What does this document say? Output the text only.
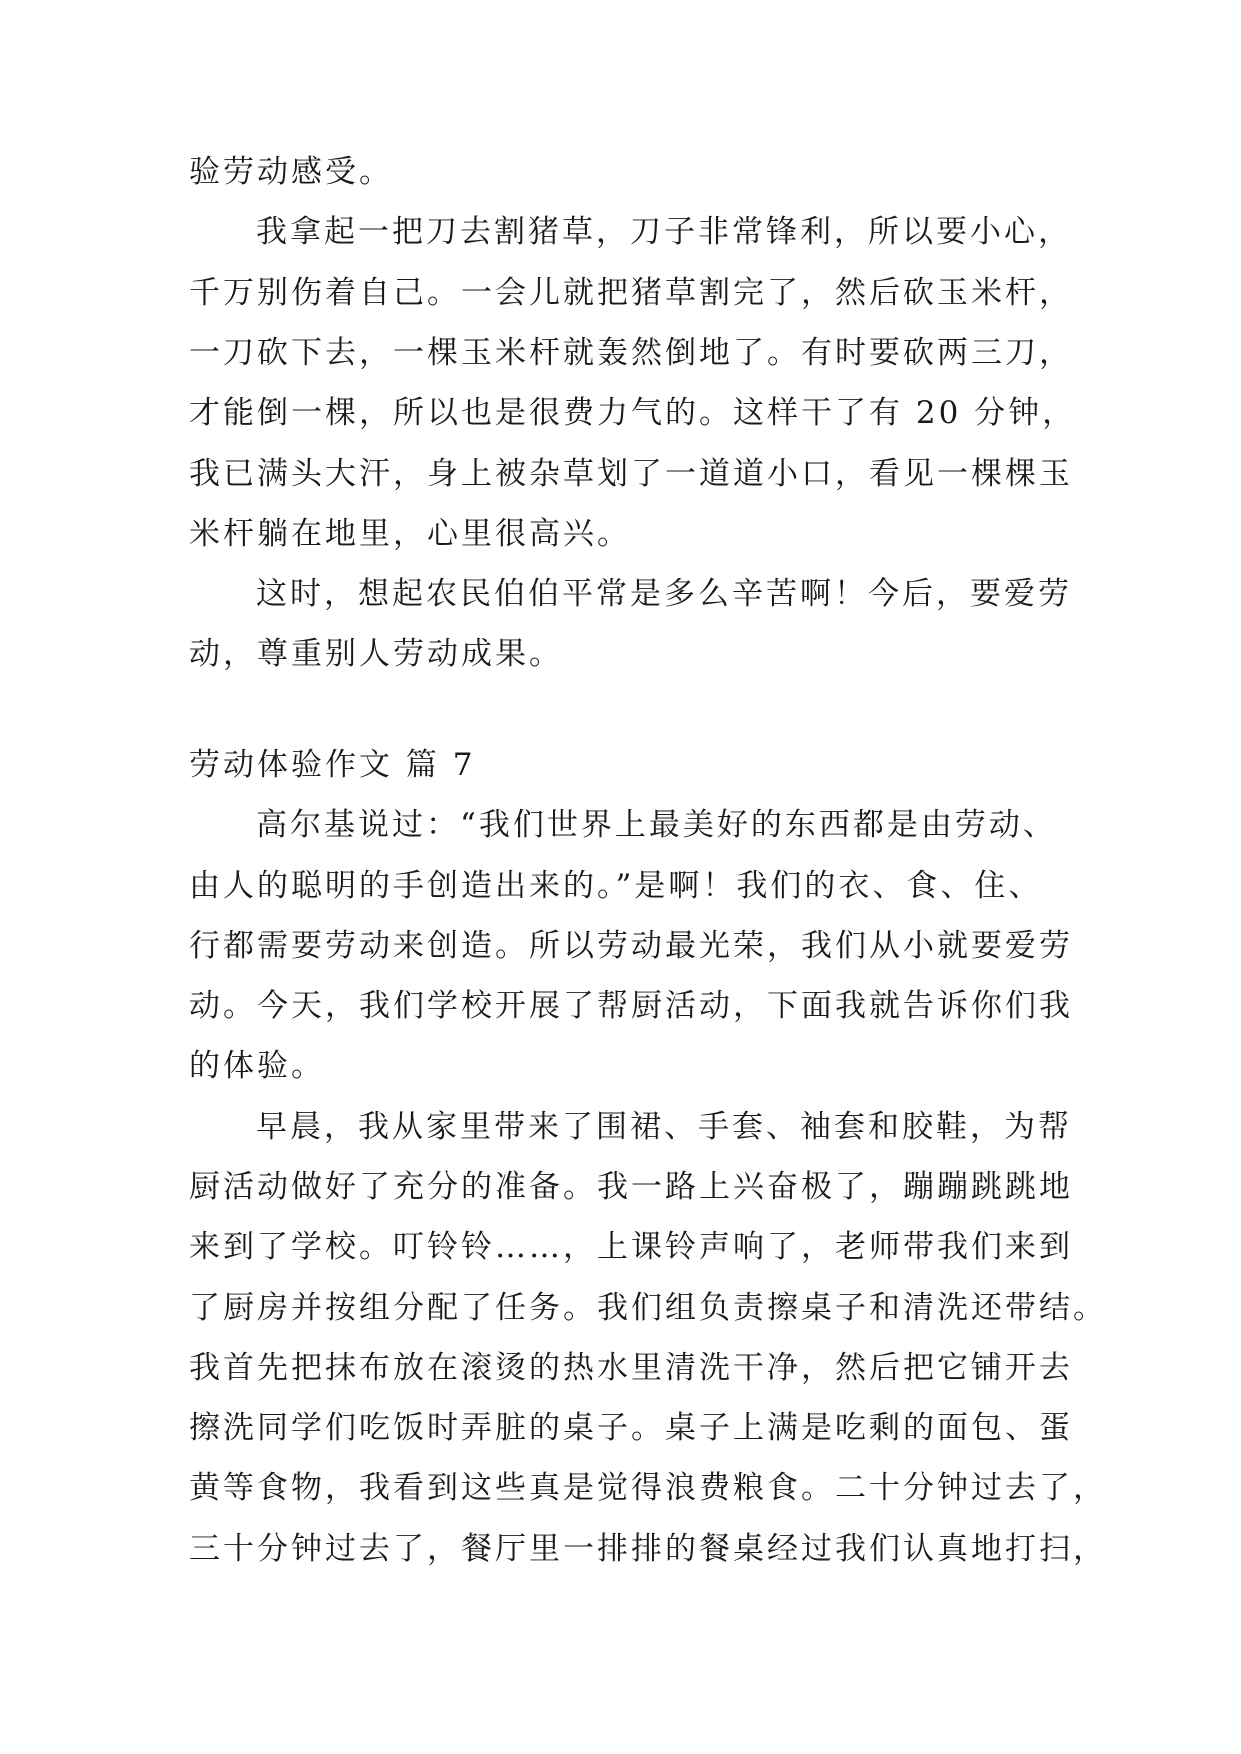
验劳动感受。
我拿起一把刀去割猪草，刀子非常锋利，所以要小心，
千万别伤着自己。一会儿就把猪草割完了，然后砍玉米杆，
一刀砍下去，一棵玉米杆就轰然倒地了。有时要砍两三刀，
才能倒一棵，所以也是很费力气的。这样干了有 20 分钟，
我已满头大汗，身上被杂草划了一道道小口，看见一棵棵玉
米杆躺在地里，心里很高兴。
这时，想起农民伯伯平常是多么辛苦啊！今后，要爱劳
动，尊重别人劳动成果。
劳动体验作文 篇 7
高尔基说过：“我们世界上最美好的东西都是由劳动、
由人的聪明的手创造出来的。”是啊！我们的衣、食、住、
行都需要劳动来创造。所以劳动最光荣，我们从小就要爱劳
动。今天，我们学校开展了帮厨活动，下面我就告诉你们我
的体验。
早晨，我从家里带来了围裙、手套、袖套和胶鞋，为帮
厨活动做好了充分的准备。我一路上兴奋极了，蹦蹦跳跳地
来到了学校。叮铃铃……，上课铃声响了，老师带我们来到
了厨房并按组分配了任务。我们组负责擦桌子和清洗还带结。
我首先把抹布放在滚烫的热水里清洗干净，然后把它铺开去
擦洗同学们吃饭时弄脏的桌子。桌子上满是吃剩的面包、蛋
黄等食物，我看到这些真是觉得浪费粮食。二十分钟过去了，
三十分钟过去了，餐厅里一排排的餐桌经过我们认真地打扫，
